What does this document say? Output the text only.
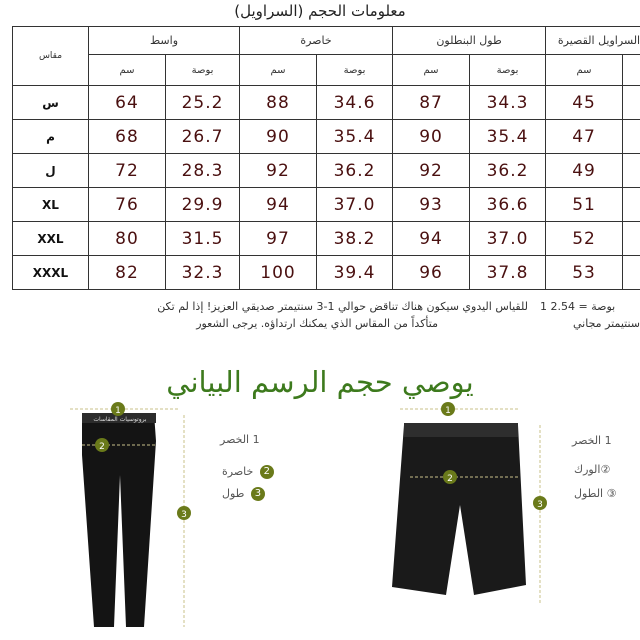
معلومات الحجم (السراويل)
مقاس	واسط		خاصرة		طول البنطلون		السراويل القصيرة	
	سم	بوصة	سم	بوصة	سم	بوصة	سم	
س	64	25.2	88	34.6	87	34.3	45	
م	68	26.7	90	35.4	90	35.4	47	
ل	72	28.3	92	36.2	92	36.2	49	
XL	76	29.9	94	37.0	93	36.6	51	
XXL	80	31.5	97	38.2	94	37.0	52	
XXXL	82	32.3	100	39.4	96	37.8	53	
1 بوصة = 2.54
سنتيمتر مجاني
للقياس اليدوي سيكون هناك تناقض حوالي 1-3 سنتيمتر صديقي العزيز! إذا لم تكن
متأكداً من المقاس الذي يمكنك ارتداؤه. يرجى الشعور
يوصي حجم الرسم البياني
بروتوسيات المقاسات
1
2
3
1 الخصر
2 خاصرة
3 طول
1
2
3
1 الخصر
②الورك
③ الطول
